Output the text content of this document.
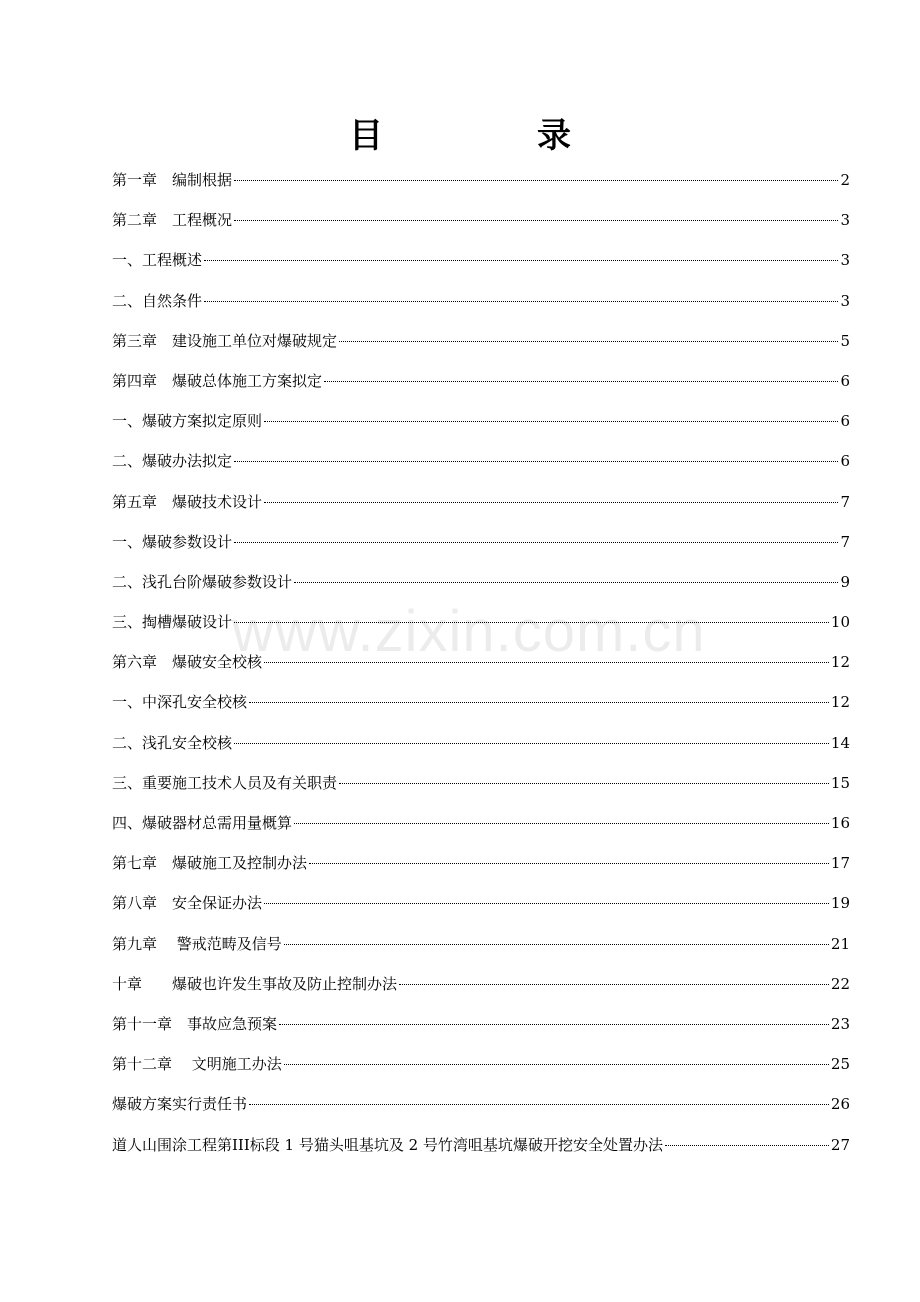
目　录
第一章　编制根据	2
第二章　工程概况	3
一、工程概述	3
二、自然条件	3
第三章　建设施工单位对爆破规定	5
第四章　爆破总体施工方案拟定	6
一、爆破方案拟定原则	6
二、爆破办法拟定	6
第五章　爆破技术设计	7
一、爆破参数设计	7
二、浅孔台阶爆破参数设计	9
三、掏槽爆破设计	10
第六章　爆破安全校核	12
一、中深孔安全校核	12
二、浅孔安全校核	14
三、重要施工技术人员及有关职责	15
四、爆破器材总需用量概算	16
第七章　爆破施工及控制办法	17
第八章　安全保证办法	19
第九章　 警戒范畴及信号	21
十章　　爆破也许发生事故及防止控制办法	22
第十一章　事故应急预案	23
第十二章　 文明施工办法	25
爆破方案实行责任书	26
道人山围涂工程第III标段 1 号猫头咀基坑及 2 号竹湾咀基坑爆破开挖安全处置办法	27
www.zixin.com.cn
